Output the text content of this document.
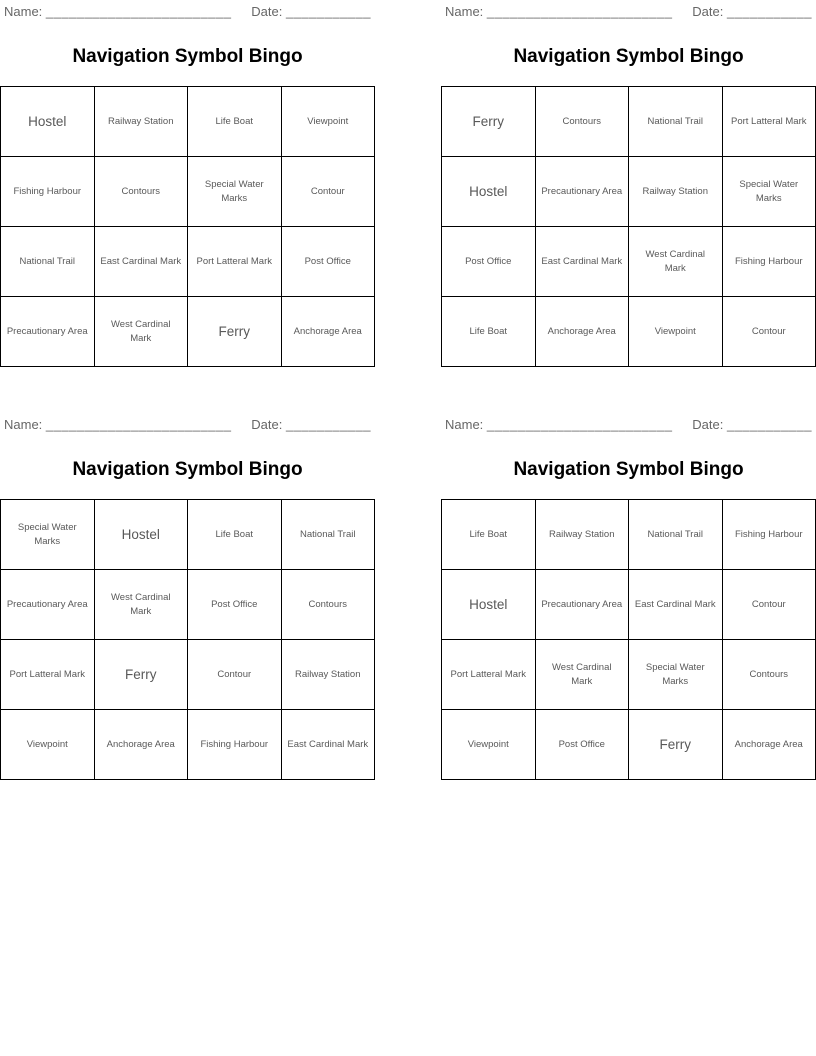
Name: ________________________ Date: ___________
Navigation Symbol Bingo
Hostel	Railway Station	Life Boat	Viewpoint
Fishing Harbour	Contours	Special Water Marks	Contour
National Trail	East Cardinal Mark	Port Latteral Mark	Post Office
Precautionary Area	West Cardinal Mark	Ferry	Anchorage Area
Name: ________________________ Date: ___________
Navigation Symbol Bingo
Ferry	Contours	National Trail	Port Latteral Mark
Hostel	Precautionary Area	Railway Station	Special Water Marks
Post Office	East Cardinal Mark	West Cardinal Mark	Fishing Harbour
Life Boat	Anchorage Area	Viewpoint	Contour
Name: ________________________ Date: ___________
Navigation Symbol Bingo
Special Water Marks	Hostel	Life Boat	National Trail
Precautionary Area	West Cardinal Mark	Post Office	Contours
Port Latteral Mark	Ferry	Contour	Railway Station
Viewpoint	Anchorage Area	Fishing Harbour	East Cardinal Mark
Name: ________________________ Date: ___________
Navigation Symbol Bingo
Life Boat	Railway Station	National Trail	Fishing Harbour
Hostel	Precautionary Area	East Cardinal Mark	Contour
Port Latteral Mark	West Cardinal Mark	Special Water Marks	Contours
Viewpoint	Post Office	Ferry	Anchorage Area
